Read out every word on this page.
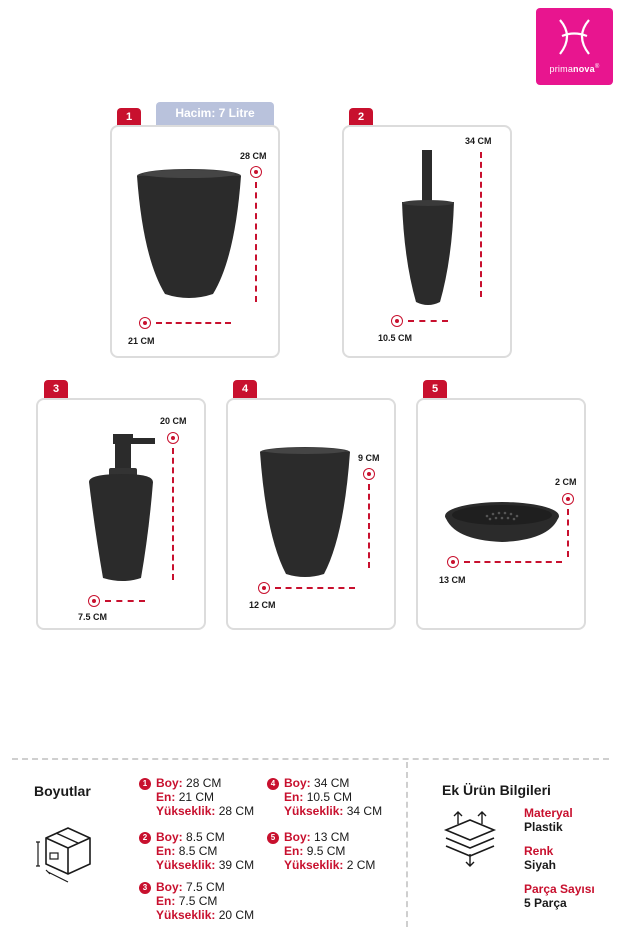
primanova®
1	Hacim: 7 Litre
28 CM
21 CM
2
34 CM
10.5 CM
3
20 CM
7.5 CM
4
9 CM
12 CM
5
2 CM
13 CM
Boyutlar	1 Boy: 28 CM
En: 21 CM
Yükseklik: 28 CM
2 Boy: 8.5 CM
En: 8.5 CM
Yükseklik: 39 CM
3 Boy: 7.5 CM
En: 7.5 CM
Yükseklik: 20 CM
4 Boy: 34 CM
En: 10.5 CM
Yükseklik: 34 CM
5 Boy: 13 CM
En: 9.5 CM
Yükseklik: 2 CM
Ek Ürün Bilgileri
Materyal
Plastik
Renk
Siyah
Parça Sayısı
5 Parça
